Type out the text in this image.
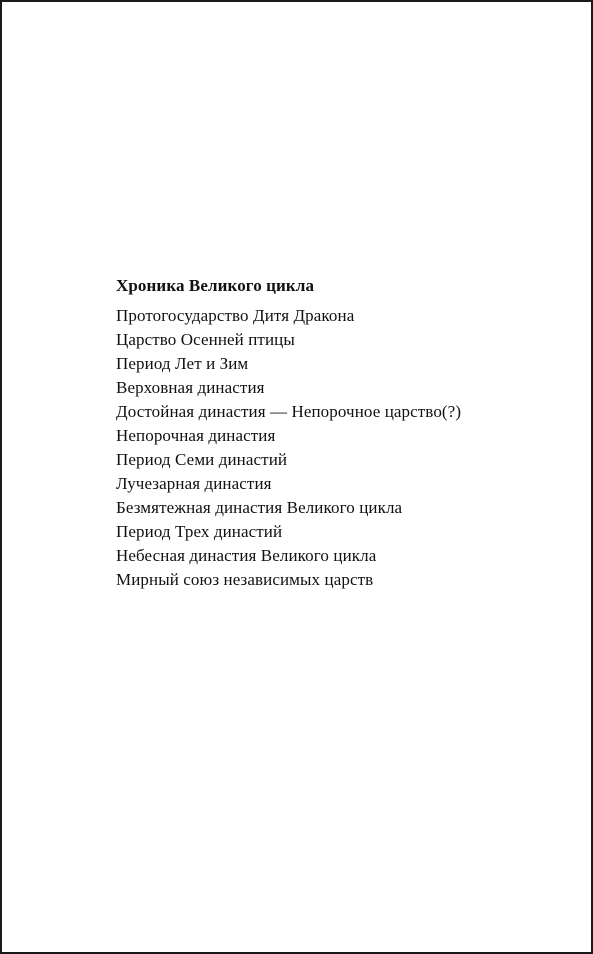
Хроника Великого цикла
Протогосударство Дитя Дракона
Царство Осенней птицы
Период Лет и Зим
Верховная династия
Достойная династия — Непорочное царство(?)
Непорочная династия
Период Семи династий
Лучезарная династия
Безмятежная династия Великого цикла
Период Трех династий
Небесная династия Великого цикла
Мирный союз независимых царств
